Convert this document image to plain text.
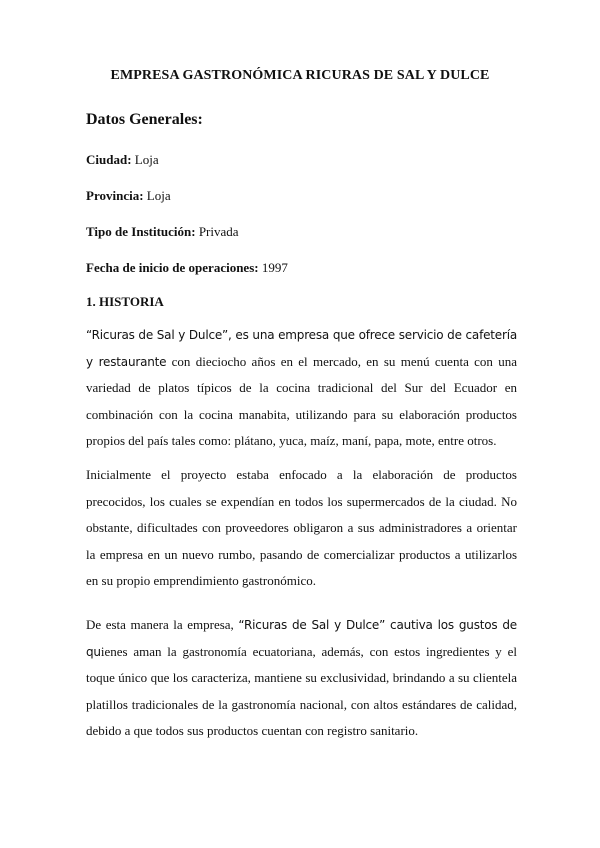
EMPRESA GASTRONÓMICA RICURAS DE SAL Y DULCE
Datos Generales:
Ciudad: Loja
Provincia: Loja
Tipo de Institución: Privada
Fecha de inicio de operaciones: 1997
1. HISTORIA
“Ricuras de Sal y Dulce”, es una empresa que ofrece servicio de cafetería y restaurante con dieciocho años en el mercado, en su menú cuenta con una variedad de platos típicos de la cocina tradicional del Sur del Ecuador en combinación con la cocina manabita, utilizando para su elaboración productos propios del país tales como: plátano, yuca, maíz, maní, papa, mote, entre otros.
Inicialmente el proyecto estaba enfocado a la elaboración de productos precocidos, los cuales se expendían en todos los supermercados de la ciudad. No obstante, dificultades con proveedores obligaron a sus administradores a orientar la empresa en un nuevo rumbo, pasando de comercializar productos a utilizarlos en su propio emprendimiento gastronómico.
De esta manera la empresa, “Ricuras de Sal y Dulce” cautiva los gustos de quienes aman la gastronomía ecuatoriana, además, con estos ingredientes y el toque único que los caracteriza, mantiene su exclusividad, brindando a su clientela platillos tradicionales de la gastronomía nacional, con altos estándares de calidad, debido a que todos sus productos cuentan con registro sanitario.
